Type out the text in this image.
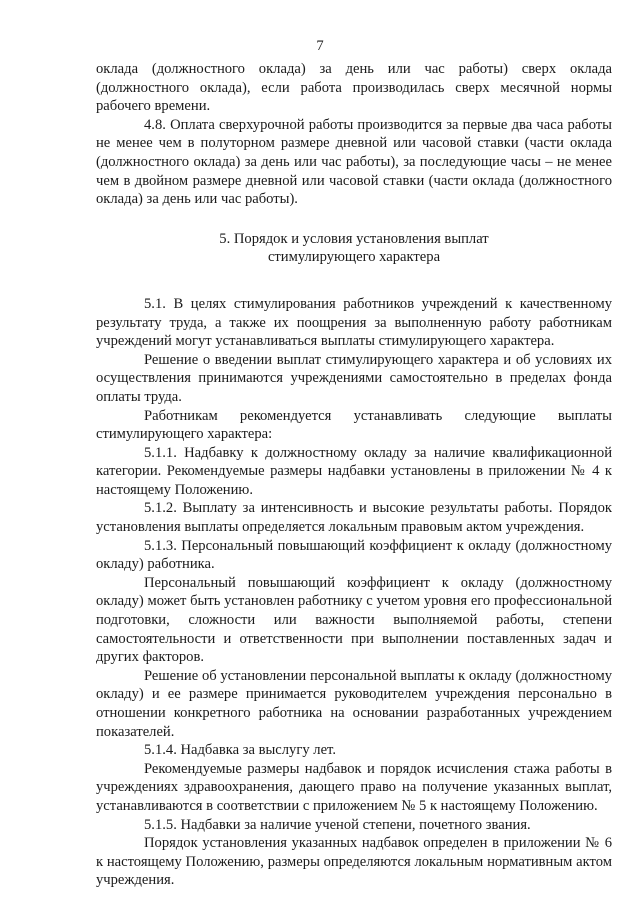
7

оклада (должностного оклада) за день или час работы) сверх оклада (должностного оклада), если работа производилась сверх месячной нормы рабочего времени.

4.8. Оплата сверхурочной работы производится за первые два часа работы не менее чем в полуторном размере дневной или часовой ставки (части оклада (должностного оклада) за день или час работы), за последующие часы – не менее чем в двойном размере дневной или часовой ставки (части оклада (должностного оклада) за день или час работы).

5. Порядок и условия установления выплат

стимулирующего характера

5.1. В целях стимулирования работников учреждений к качественному результату труда, а также их поощрения за выполненную работу работникам учреждений могут устанавливаться выплаты стимулирующего характера.

Решение о введении выплат стимулирующего характера и об условиях их осуществления принимаются учреждениями самостоятельно в пределах фонда оплаты труда.

Работникам рекомендуется устанавливать следующие выплаты стимулирующего характера:

5.1.1. Надбавку к должностному окладу за наличие квалификационной категории. Рекомендуемые размеры надбавки установлены в приложении № 4 к настоящему Положению.

5.1.2. Выплату за интенсивность и высокие результаты работы. Порядок установления выплаты определяется локальным правовым актом учреждения.

5.1.3. Персональный повышающий коэффициент к окладу (должностному окладу) работника.

Персональный повышающий коэффициент к окладу (должностному окладу) может быть установлен работнику с учетом уровня его профессиональной подготовки, сложности или важности выполняемой работы, степени самостоятельности и ответственности при выполнении поставленных задач и других факторов.

Решение об установлении персональной выплаты к окладу (должностному окладу) и ее размере принимается руководителем учреждения персонально в отношении конкретного работника на основании разработанных учреждением показателей.

5.1.4. Надбавка за выслугу лет.

Рекомендуемые размеры надбавок и порядок исчисления стажа работы в учреждениях здравоохранения, дающего право на получение указанных выплат, устанавливаются в соответствии с приложением № 5 к настоящему Положению.

5.1.5. Надбавки за наличие ученой степени, почетного звания.

Порядок установления указанных надбавок определен в приложении № 6 к настоящему Положению, размеры определяются локальным нормативным актом учреждения.
